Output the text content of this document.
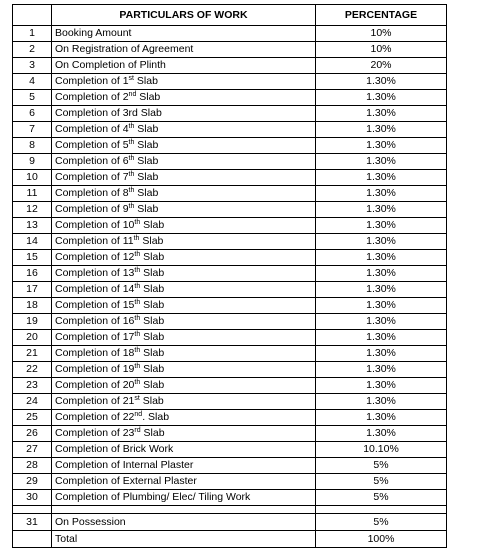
	PARTICULARS OF WORK	PERCENTAGE
1	Booking Amount	10%
2	On Registration of Agreement	10%
3	On Completion of Plinth	20%
4	Completion of 1st Slab	1.30%
5	Completion of 2nd Slab	1.30%
6	Completion of 3rd Slab	1.30%
7	Completion of 4th Slab	1.30%
8	Completion of 5th Slab	1.30%
9	Completion of 6th Slab	1.30%
10	Completion of 7th Slab	1.30%
11	Completion of 8th Slab	1.30%
12	Completion of 9th Slab	1.30%
13	Completion of 10th Slab	1.30%
14	Completion of 11th Slab	1.30%
15	Completion of 12th Slab	1.30%
16	Completion of 13th Slab	1.30%
17	Completion of 14th Slab	1.30%
18	Completion of 15th Slab	1.30%
19	Completion of 16th Slab	1.30%
20	Completion of 17th Slab	1.30%
21	Completion of 18th Slab	1.30%
22	Completion of 19th Slab	1.30%
23	Completion of 20th Slab	1.30%
24	Completion of 21st Slab	1.30%
25	Completion of 22nd. Slab	1.30%
26	Completion of 23rd Slab	1.30%
27	Completion of Brick Work	10.10%
28	Completion of Internal Plaster	5%
29	Completion of External Plaster	5%
30	Completion of Plumbing/ Elec/ Tiling Work	5%

31	On Possession	5%
	Total	100%
